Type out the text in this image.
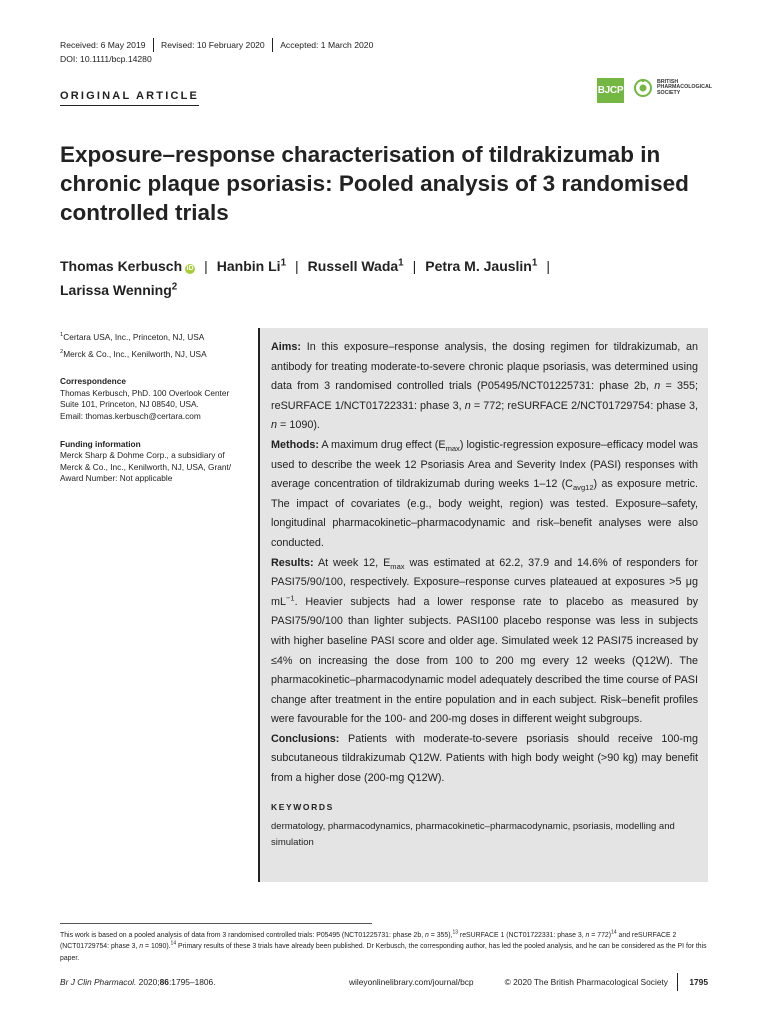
Received: 6 May 2019 Revised: 10 February 2020 Accepted: 1 March 2020
DOI: 10.1111/bcp.14280
ORIGINAL ARTICLE	BJCP
BRITISH
PHARMACOLOGICAL
SOCIETY
Exposure–response characterisation of tildrakizumab in chronic plaque psoriasis: Pooled analysis of 3 randomised controlled trials
Thomas Kerbusch iD | Hanbin Li$^1$ | Russell Wada$^1$ | Petra M. Jauslin$^1$ |
Larissa Wenning$^2$
$^1$Certara USA, Inc., Princeton, NJ, USA
$^2$Merck & Co., Inc., Kenilworth, NJ, USA
Correspondence

Thomas Kerbusch, PhD. 100 Overlook Center

Suite 101, Princeton, NJ 08540, USA.

Email: thomas.kerbusch@certara.com

Funding information

Merck Sharp & Dohme Corp., a subsidiary of

Merck & Co., Inc., Kenilworth, NJ, USA, Grant/

Award Number: Not applicable

Aims: In this exposure–response analysis, the dosing regimen for tildrakizumab, an antibody for treating moderate-to-severe chronic plaque psoriasis, was determined using data from 3 randomised controlled trials (P05495/NCT01225731: phase 2b, n = 355; reSURFACE 1/NCT01722331: phase 3, n = 772; reSURFACE 2/NCT01729754: phase 3, n = 1090).

Methods: A maximum drug effect $(E_{max})$ logistic-regression exposure–efficacy model was used to describe the week 12 Psoriasis Area and Severity Index (PASI) responses with average concentration of tildrakizumab during weeks 1–12 $(C_{avg12})$ as exposure metric. The impact of covariates (e.g., body weight, region) was tested. Exposure–safety, longitudinal pharmacokinetic–pharmacodynamic and risk–benefit analyses were also conducted.

Results: At week 12, $E_{max}$ was estimated at 62.2, 37.9 and 14.6% of responders for PASI75/90/100, respectively. Exposure–response curves plateaued at exposures >5 μg $mL^{-1}$. Heavier subjects had a lower response rate to placebo as measured by PASI75/90/100 than lighter subjects. PASI100 placebo response was less in subjects with higher baseline PASI score and older age. Simulated week 12 PASI75 increased by ≤4% on increasing the dose from 100 to 200 mg every 12 weeks (Q12W). The pharmacokinetic–pharmacodynamic model adequately described the time course of PASI change after treatment in the entire population and in each subject. Risk–benefit profiles were favourable for the 100- and 200-mg doses in different weight subgroups.

Conclusions: Patients with moderate-to-severe psoriasis should receive 100-mg subcutaneous tildrakizumab Q12W. Patients with high body weight (>90 kg) may benefit from a higher dose (200-mg Q12W).

KEYWORDS
dermatology, pharmacodynamics, pharmacokinetic–pharmacodynamic, psoriasis, modelling and simulation
This work is based on a pooled analysis of data from 3 randomised controlled trials: P05495 (NCT01225731: phase 2b, n = 355),$^{13}$ reSURFACE 1 (NCT01722331: phase 3, n = 772)$^{14}$ and reSURFACE 2 (NCT01729754: phase 3, n = 1090).$^{14}$ Primary results of these 3 trials have already been published. Dr Kerbusch, the corresponding author, has led the pooled analysis, and he can be considered as the PI for this paper.
Br J Clin Pharmacol. 2020;86:1795–1806.	wileyonlinelibrary.com/journal/bcp	© 2020 The British Pharmacological Society	1795
